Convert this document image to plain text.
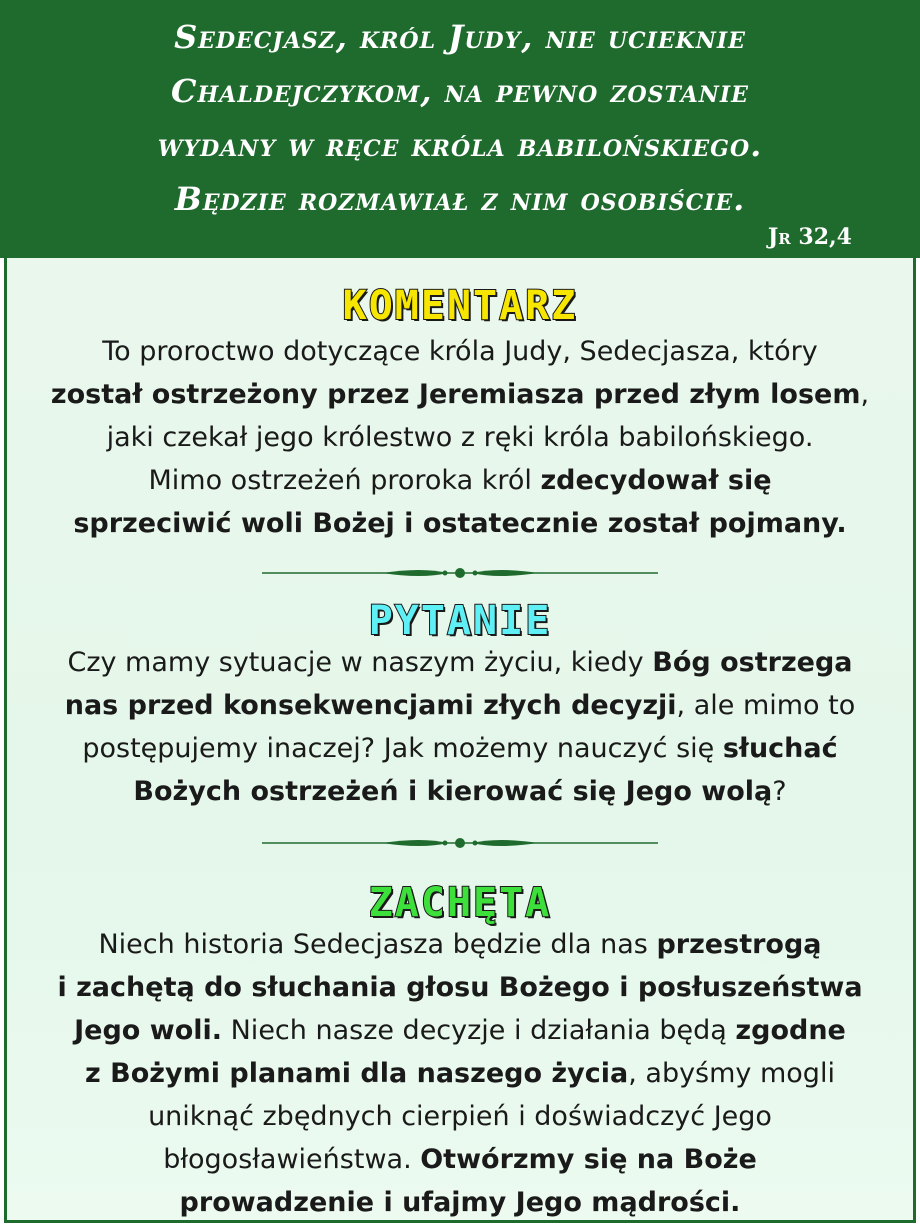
Sedecjasz, król Judy, nie ucieknie
Chaldejczykom, na pewno zostanie
wydany w ręce króla babilońskiego.
Będzie rozmawiał z nim osobiście.
Jr 32,4
KOMENTARZ
To proroctwo dotyczące króla Judy, Sedecjasza, który
został ostrzeżony przez Jeremiasza przed złym losem,
jaki czekał jego królestwo z ręki króla babilońskiego.
Mimo ostrzeżeń proroka król zdecydował się
sprzeciwić woli Bożej i ostatecznie został pojmany.
PYTANIE
Czy mamy sytuacje w naszym życiu, kiedy Bóg ostrzega
nas przed konsekwencjami złych decyzji, ale mimo to
postępujemy inaczej? Jak możemy nauczyć się słuchać
Bożych ostrzeżeń i kierować się Jego wolą?
ZACHĘTA
Niech historia Sedecjasza będzie dla nas przestrogą
i zachętą do słuchania głosu Bożego i posłuszeństwa
Jego woli. Niech nasze decyzje i działania będą zgodne
z Bożymi planami dla naszego życia, abyśmy mogli
uniknąć zbędnych cierpień i doświadczyć Jego
błogosławieństwa. Otwórzmy się na Boże
prowadzenie i ufajmy Jego mądrości.
